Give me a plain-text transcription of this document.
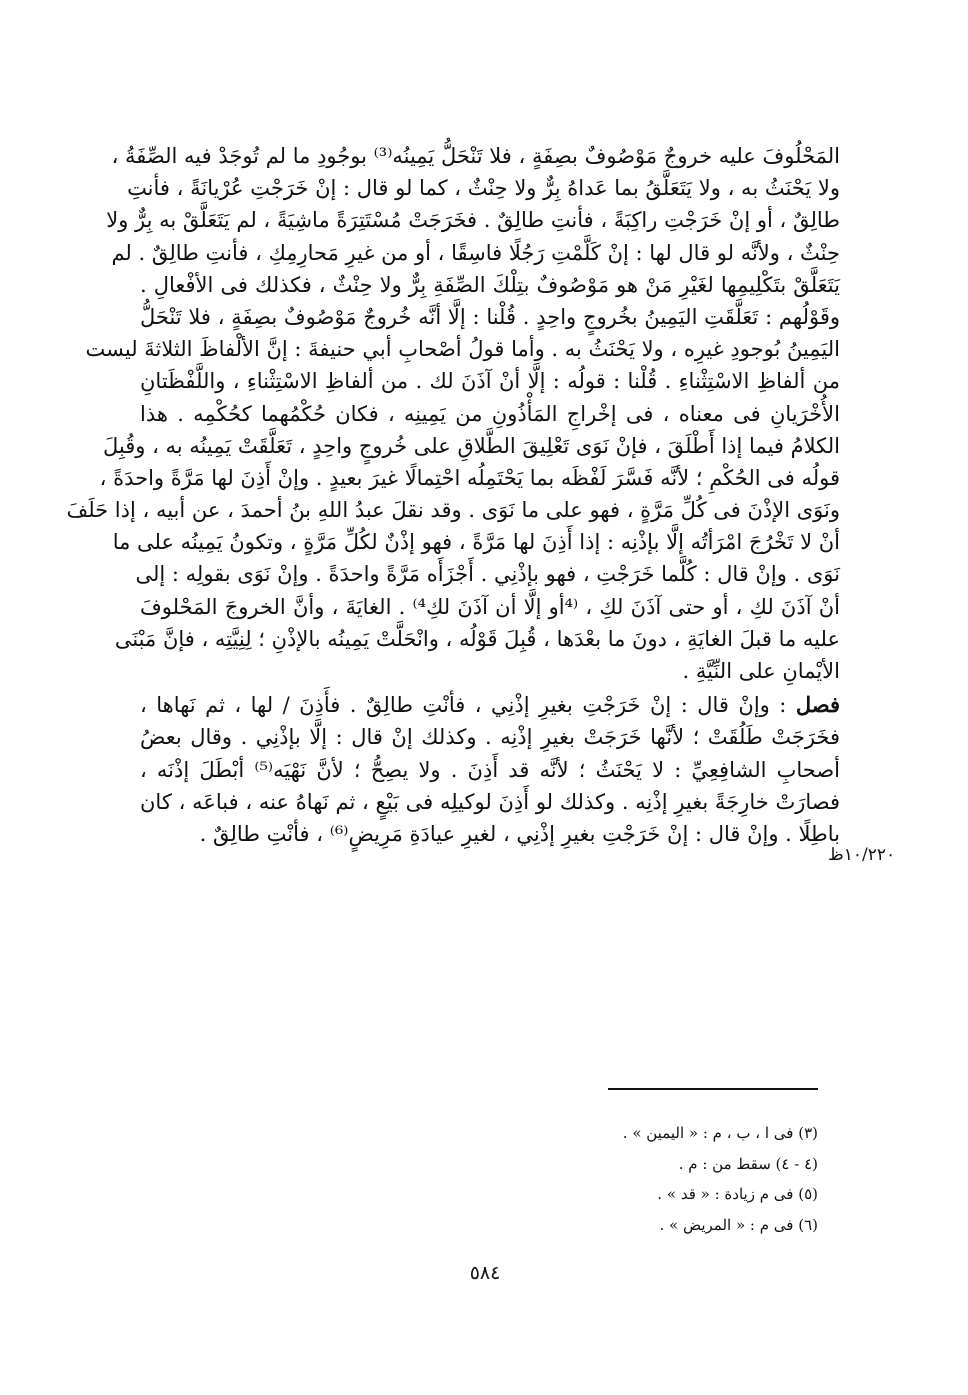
المَحْلُوفَ عليه خروجٌ مَوْصُوفٌ بصِفَةٍ ، فلا تَنْحَلُّ يَمِينُه⁽³⁾ بوجُودِ ما لم تُوجَدْ فيه الصِّفَةُ ،
ولا يَحْنَثُ به ، ولا يَتَعَلَّقُ بما عَداهُ بِرٌّ ولا حِنْثٌ ، كما لو قال : إنْ خَرَجْتِ عُرْيانَةً ، فأنتِ
طالِقٌ ، أو إنْ خَرَجْتِ راكِبَةً ، فأنتِ طالِقٌ . فخَرَجَتْ مُسْتَتِرَةً ماشِيَةً ، لم يَتَعَلَّقْ به بِرٌّ ولا
حِنْثٌ ، ولأنَّه لو قال لها : إنْ كَلَّمْتِ رَجُلًا فاسِقًا ، أو من غيرِ مَحارِمِكِ ، فأنتِ طالِقٌ . لم
يَتَعَلَّقْ بتَكْلِيمِها لغَيْرِ مَنْ هو مَوْصُوفٌ بتِلْكَ الصِّفَةِ بِرٌّ ولا حِنْثٌ ، فكذلك فى الأفْعالِ .
وقَوْلُهم : تَعَلَّقَتِ اليَمِينُ بخُروجٍ واحِدٍ . قُلْنا : إلَّا أنَّه خُروجٌ مَوْصُوفٌ بصِفَةٍ ، فلا تَنْحَلُّ
اليَمِينُ بُوجودِ غيرِه ، ولا يَحْنَثُ به . وأما قولُ أصْحابِ أبي حنيفةَ : إنَّ الألْفاظَ الثلاثةَ ليست
من ألفاظِ الاسْتِثْناءِ . قُلْنا : قولُه : إلَّا أنْ آذَنَ لك . من ألفاظِ الاسْتِثْناءِ ، واللَّفْظَتانِ
الأُخْرَيانِ فى معناه ، فى إخْراجِ المَأْذُونِ من يَمِينِه ، فكان حُكْمُهما كحُكْمِه . هذا
الكلامُ فيما إذا أَطْلَقَ ، فإنْ نَوَى تَعْلِيقَ الطَّلاقِ على خُروجٍ واحِدٍ ، تَعَلَّقَتْ يَمِينُه به ، وقُبِلَ
قولُه فى الحُكْمِ ؛ لأنَّه فَسَّرَ لَفْظَه بما يَحْتَمِلُه احْتِمالًا غيرَ بعيدٍ . وإنْ أَذِنَ لها مَرَّةً واحدَةً ،
ونَوَى الإذْنَ فى كُلِّ مَرَّةٍ ، فهو على ما نَوَى . وقد نقلَ عبدُ اللهِ بنُ أحمدَ ، عن أبيه ، إذا حَلَفَ
أنْ لا تَخْرُجَ امْرَأتُه إلَّا بإذْنِه : إذا أَذِنَ لها مَرَّةً ، فهو إذْنٌ لكُلِّ مَرَّةٍ ، وتكونُ يَمِينُه على ما
نَوَى . وإنْ قال : كُلَّما خَرَجْتِ ، فهو بإذْنِي . أَجْزَأَه مَرَّةً واحدَةً . وإنْ نَوَى بقولِه : إلى
أنْ آذَنَ لكِ ، أو حتى آذَنَ لكِ ، ⁽⁴أو إلَّا أن آذَنَ لكِ⁴⁾ . الغايَةَ ، وأنَّ الخروجَ المَحْلوفَ
عليه ما قبلَ الغايَةِ ، دونَ ما بعْدَها ، قُبِلَ قَوْلُه ، وانْحَلَّتْ يَمِينُه بالإذْنِ ؛ لِنِيَّتِه ، فإنَّ مَبْنَى
الأيْمانِ على النِّيَّةِ .
فصل : وإنْ قال : إنْ خَرَجْتِ بغيرِ إذْنِي ، فأنْتِ طالِقٌ . فأَذِنَ / لها ، ثم نَهاها ،
فخَرَجَتْ طَلُقَتْ ؛ لأنَّها خَرَجَتْ بغيرِ إذْنِه . وكذلك إنْ قال : إلَّا بإذْنِي . وقال بعضُ
أصحابِ الشافِعِيِّ : لا يَحْنَثُ ؛ لأنَّه قد أَذِنَ . ولا يصِحُّ ؛ لأنَّ نَهْيَه⁽⁵⁾ أبْطَلَ إذْنَه ،
فصارَتْ خارِجَةً بغيرِ إذْنِه . وكذلك لو أَذِنَ لوكيلِه فى بَيْعٍ ، ثم نَهاهُ عنه ، فباعَه ، كان
باطِلًا . وإنْ قال : إنْ خَرَجْتِ بغيرِ إذْنِي ، لغيرِ عيادَةِ مَرِيضٍ⁽⁶⁾ ، فأنْتِ طالِقٌ .
١٠/٢٢٠ظ
(٣) فى ا ، ب ، م : « اليمين » .
(٤ - ٤) سقط من : م .
(٥) فى م زيادة : « قد » .
(٦) فى م : « المريض » .
٥٨٤
